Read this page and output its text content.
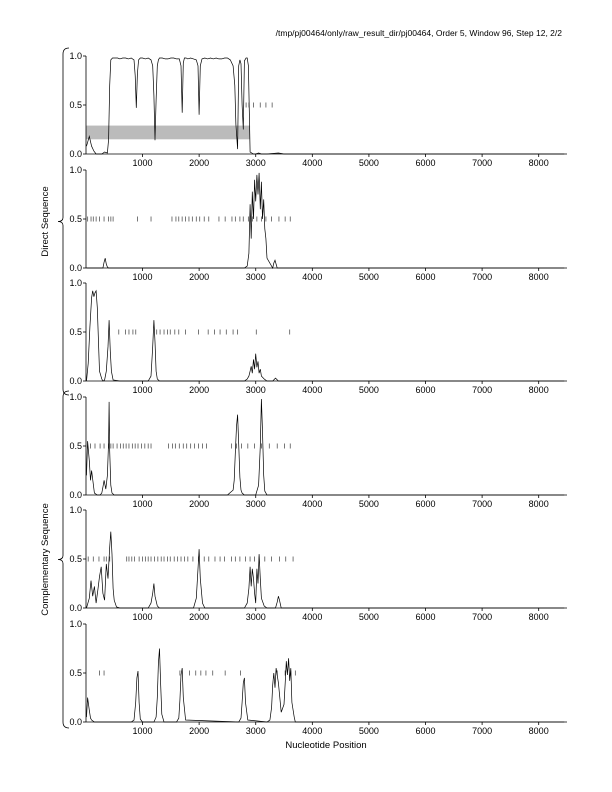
/tmp/pj00464/only/raw_result_dir/pj00464, Order 5, Window 96, Step 12, 2/2
0.0
0.5
1.0
1000	2000	3000	4000	5000	6000	7000	8000
0.0
0.5
1.0
1000	2000	3000	4000	5000	6000	7000	8000
0.0
0.5
1.0
1000	2000	3000	4000	5000	6000	7000	8000
0.0
0.5
1.0
1000	2000	3000	4000	5000	6000	7000	8000
0.0
0.5
1.0
1000	2000	3000	4000	5000	6000	7000	8000
0.0
0.5
1.0
1000	2000	3000	4000	5000	6000	7000	8000
Direct Sequence
Complementary Sequence
Nucleotide Position
